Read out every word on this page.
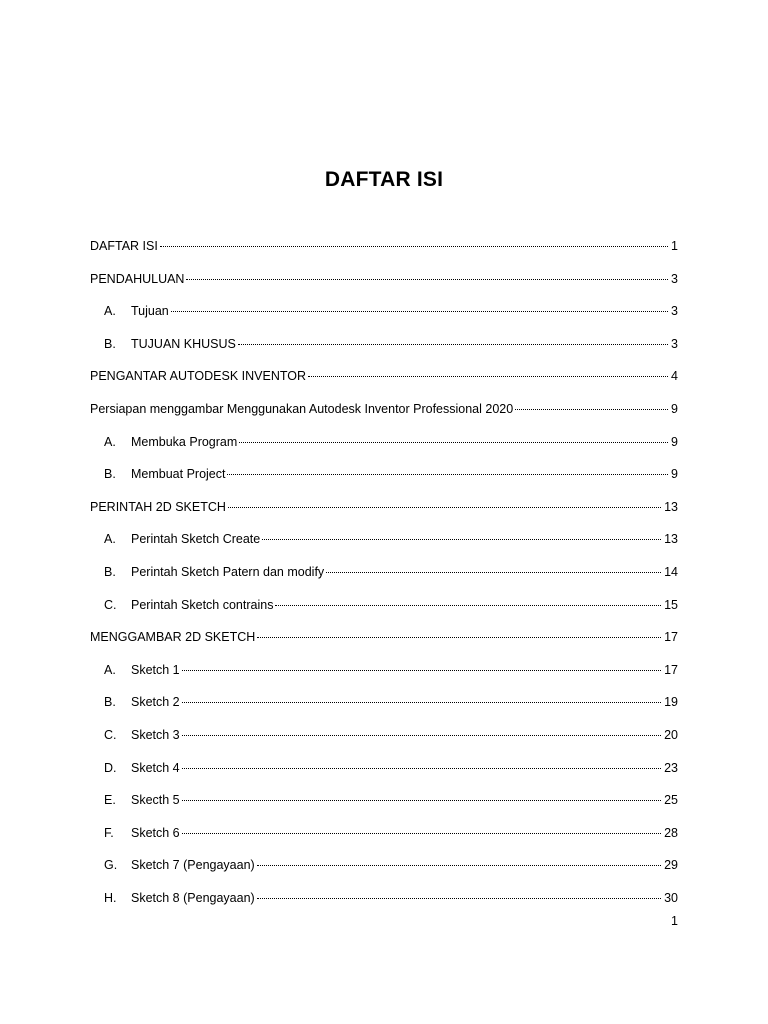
DAFTAR ISI
DAFTAR ISI	1
PENDAHULUAN	3
A.	Tujuan	3
B.	TUJUAN KHUSUS	3
PENGANTAR AUTODESK INVENTOR	4
Persiapan menggambar Menggunakan Autodesk Inventor Professional 2020	9
A.	Membuka Program	9
B.	Membuat Project	9
PERINTAH 2D SKETCH	13
A.	Perintah Sketch Create	13
B.	Perintah Sketch Patern dan modify	14
C.	Perintah Sketch contrains	15
MENGGAMBAR 2D SKETCH	17
A.	Sketch 1	17
B.	Sketch 2	19
C.	Sketch 3	20
D.	Sketch 4	23
E.	Skecth 5	25
F.	Sketch 6	28
G.	Sketch 7 (Pengayaan)	29
H.	Sketch 8 (Pengayaan)	30
1
